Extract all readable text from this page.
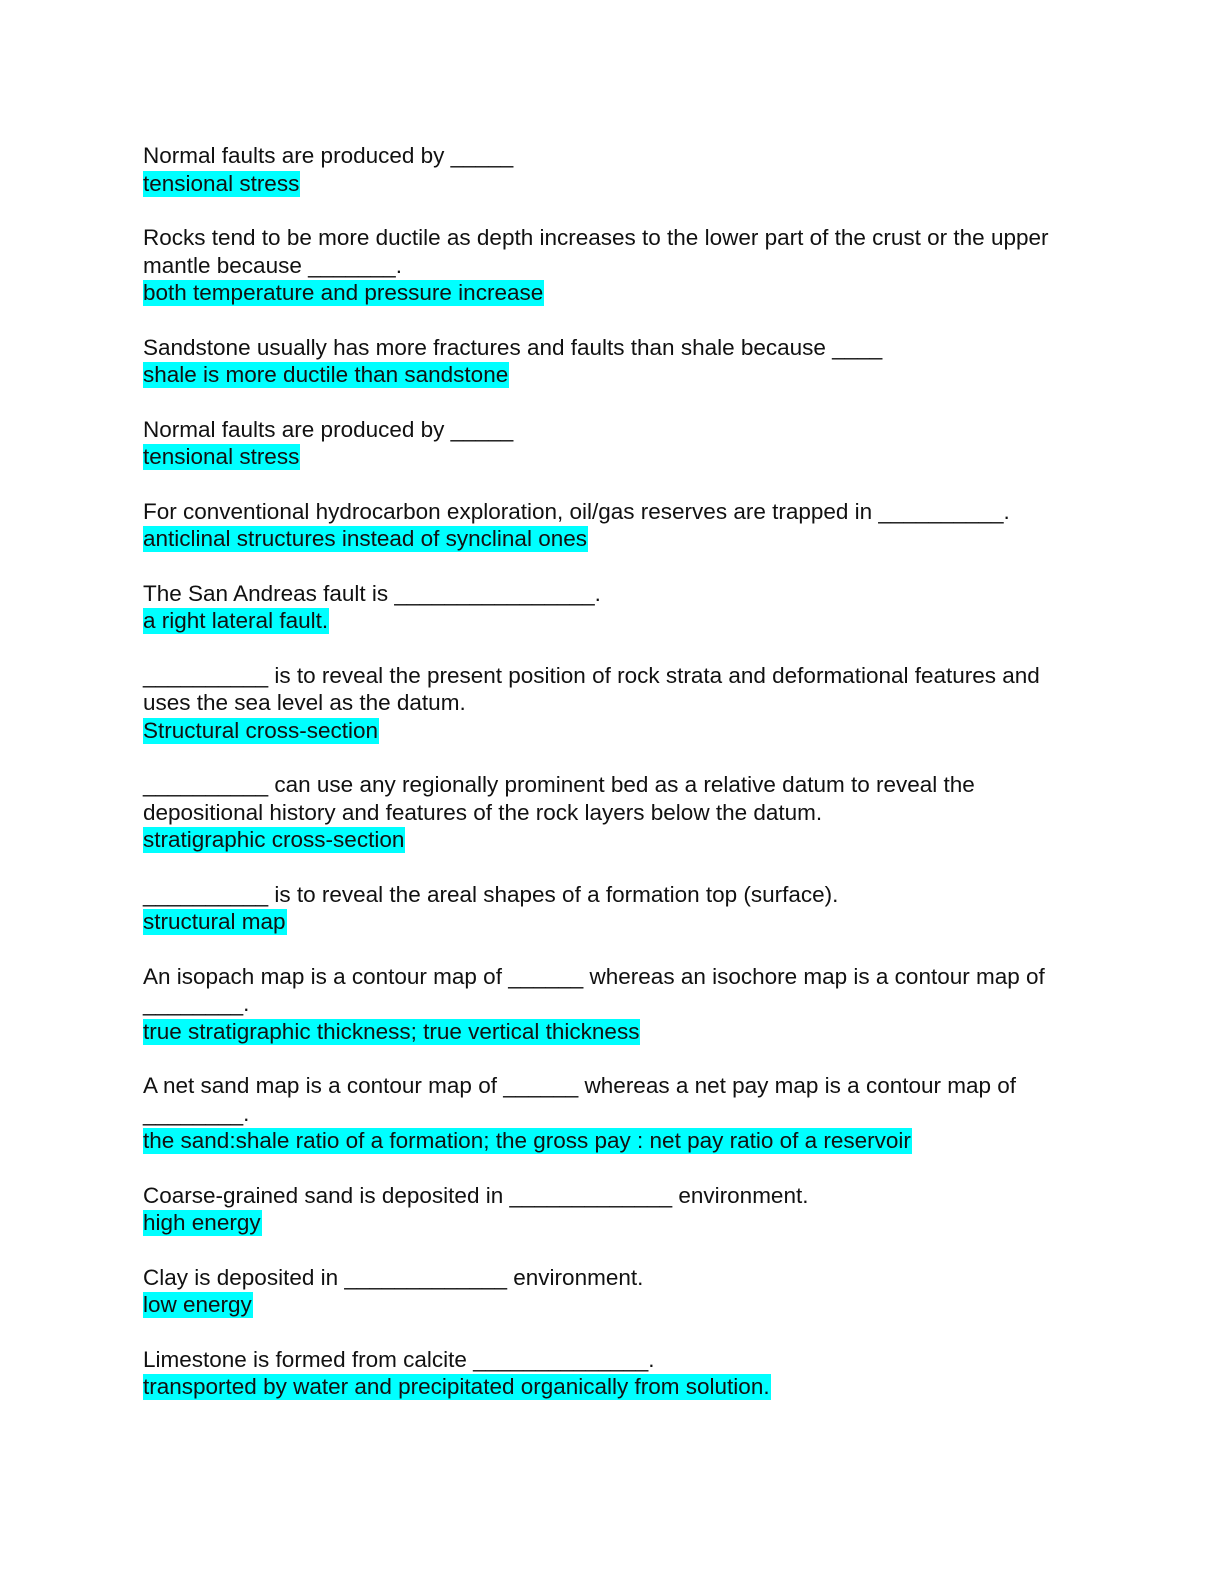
Normal faults are produced by _____

tensional stress

Rocks tend to be more ductile as depth increases to the lower part of the crust or the upper mantle because _______.

both temperature and pressure increase

Sandstone usually has more fractures and faults than shale because ____

shale is more ductile than sandstone

Normal faults are produced by _____

tensional stress

For conventional hydrocarbon exploration, oil/gas reserves are trapped in __________.

anticlinal structures instead of synclinal ones

The San Andreas fault is ________________.

a right lateral fault.

__________ is to reveal the present position of rock strata and deformational features and uses the sea level as the datum.

Structural cross-section

__________ can use any regionally prominent bed as a relative datum to reveal the depositional history and features of the rock layers below the datum.

stratigraphic cross-section

__________ is to reveal the areal shapes of a formation top (surface).

structural map

An isopach map is a contour map of ______ whereas an isochore map is a contour map of ________.

true stratigraphic thickness; true vertical thickness

A net sand map is a contour map of ______ whereas a net pay map is a contour map of ________.

the sand:shale ratio of a formation; the gross pay : net pay ratio of a reservoir

Coarse-grained sand is deposited in _____________ environment.

high energy

Clay is deposited in _____________ environment.

low energy

Limestone is formed from calcite ______________.

transported by water and precipitated organically from solution.
